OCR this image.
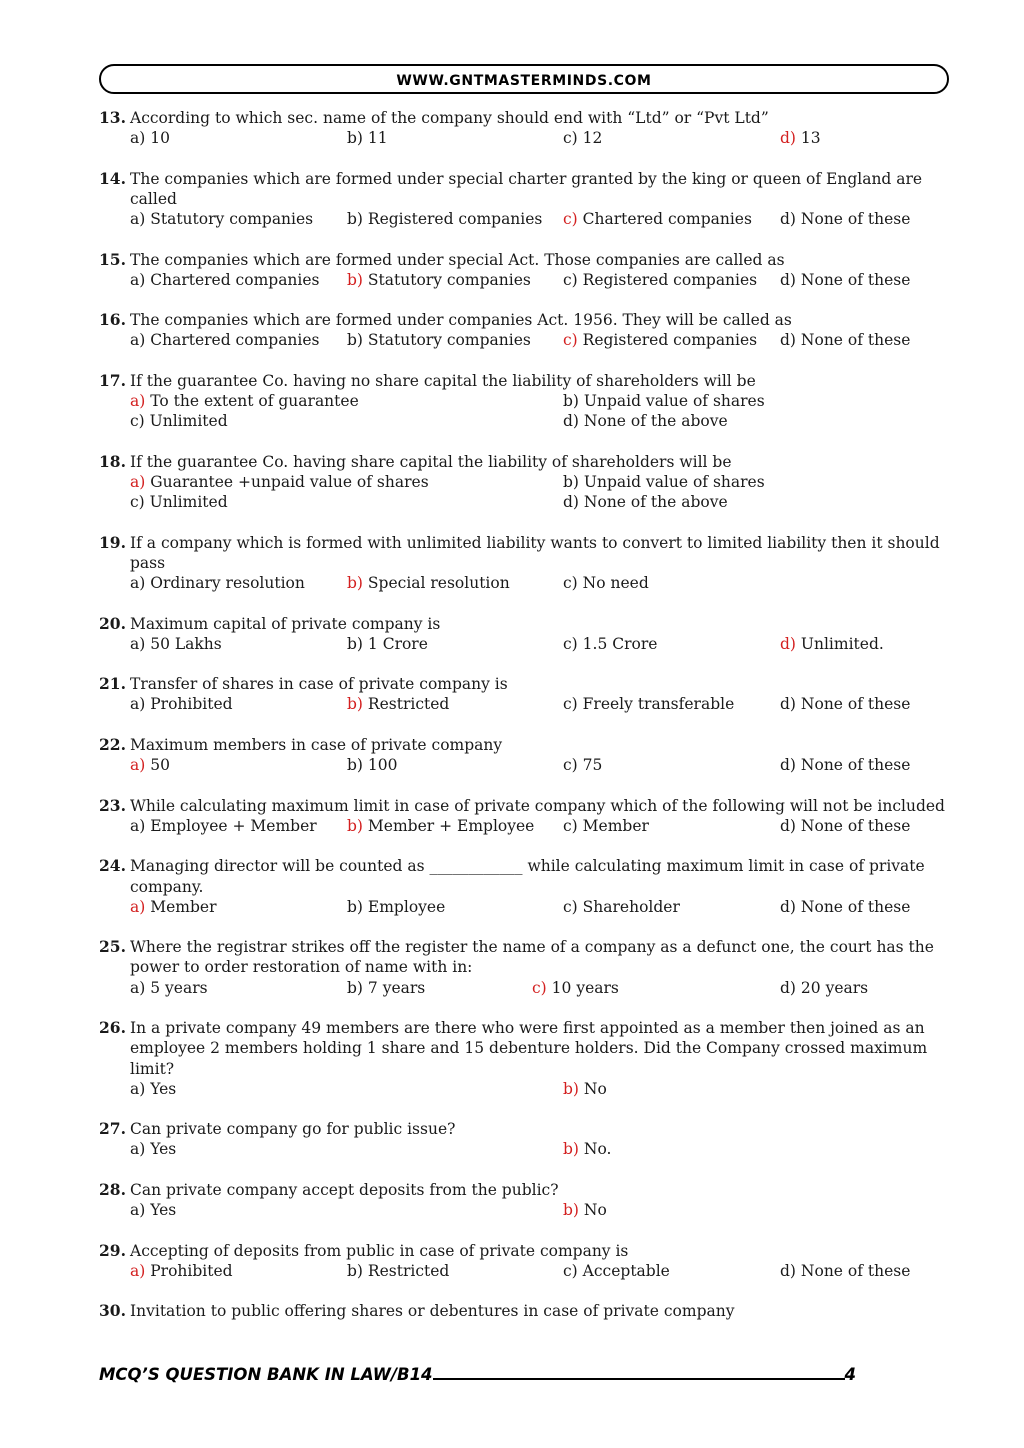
WWW.GNTMASTERMINDS.COM
13. According to which sec. name of the company should end with “Ltd” or “Pvt Ltd”
a) 10	b) 11	c) 12	d) 13
14. The companies which are formed under special charter granted by the king or queen of England are called
a) Statutory companies b) Registered companies c) Chartered companies d) None of these
15. The companies which are formed under special Act. Those companies are called as
a) Chartered companies b) Statutory companies c) Registered companies d) None of these
16. The companies which are formed under companies Act. 1956. They will be called as
a) Chartered companies b) Statutory companies c) Registered companies d) None of these
17. If the guarantee Co. having no share capital the liability of shareholders will be
a) To the extent of guarantee	b) Unpaid value of shares
c) Unlimited	d) None of the above
18. If the guarantee Co. having share capital the liability of shareholders will be
a) Guarantee +unpaid value of shares	b) Unpaid value of shares
c) Unlimited	d) None of the above
19. If a company which is formed with unlimited liability wants to convert to limited liability then it should pass
a) Ordinary resolution	b) Special resolution	c) No need
20. Maximum capital of private company is
a) 50 Lakhs	b) 1 Crore	c) 1.5 Crore	d) Unlimited.
21. Transfer of shares in case of private company is
a) Prohibited	b) Restricted	c) Freely transferable	d) None of these
22. Maximum members in case of private company
a) 50	b) 100	c) 75	d) None of these
23. While calculating maximum limit in case of private company which of the following will not be included
a) Employee + Member b) Member + Employee c) Member	d) None of these
24. Managing director will be counted as ____________ while calculating maximum limit in case of private company.
a) Member	b) Employee	c) Shareholder	d) None of these
25. Where the registrar strikes off the register the name of a company as a defunct one, the court has the power to order restoration of name with in:
a) 5 years	b) 7 years	c) 10 years	d) 20 years
26. In a private company 49 members are there who were first appointed as a member then joined as an employee 2 members holding 1 share and 15 debenture holders. Did the Company crossed maximum limit?
a) Yes	b) No
27. Can private company go for public issue?
a) Yes	b) No.
28. Can private company accept deposits from the public?
a) Yes	b) No
29. Accepting of deposits from public in case of private company is
a) Prohibited	b) Restricted	c) Acceptable	d) None of these
30. Invitation to public offering shares or debentures in case of private company
MCQ’S QUESTION BANK IN LAW/B14	4
